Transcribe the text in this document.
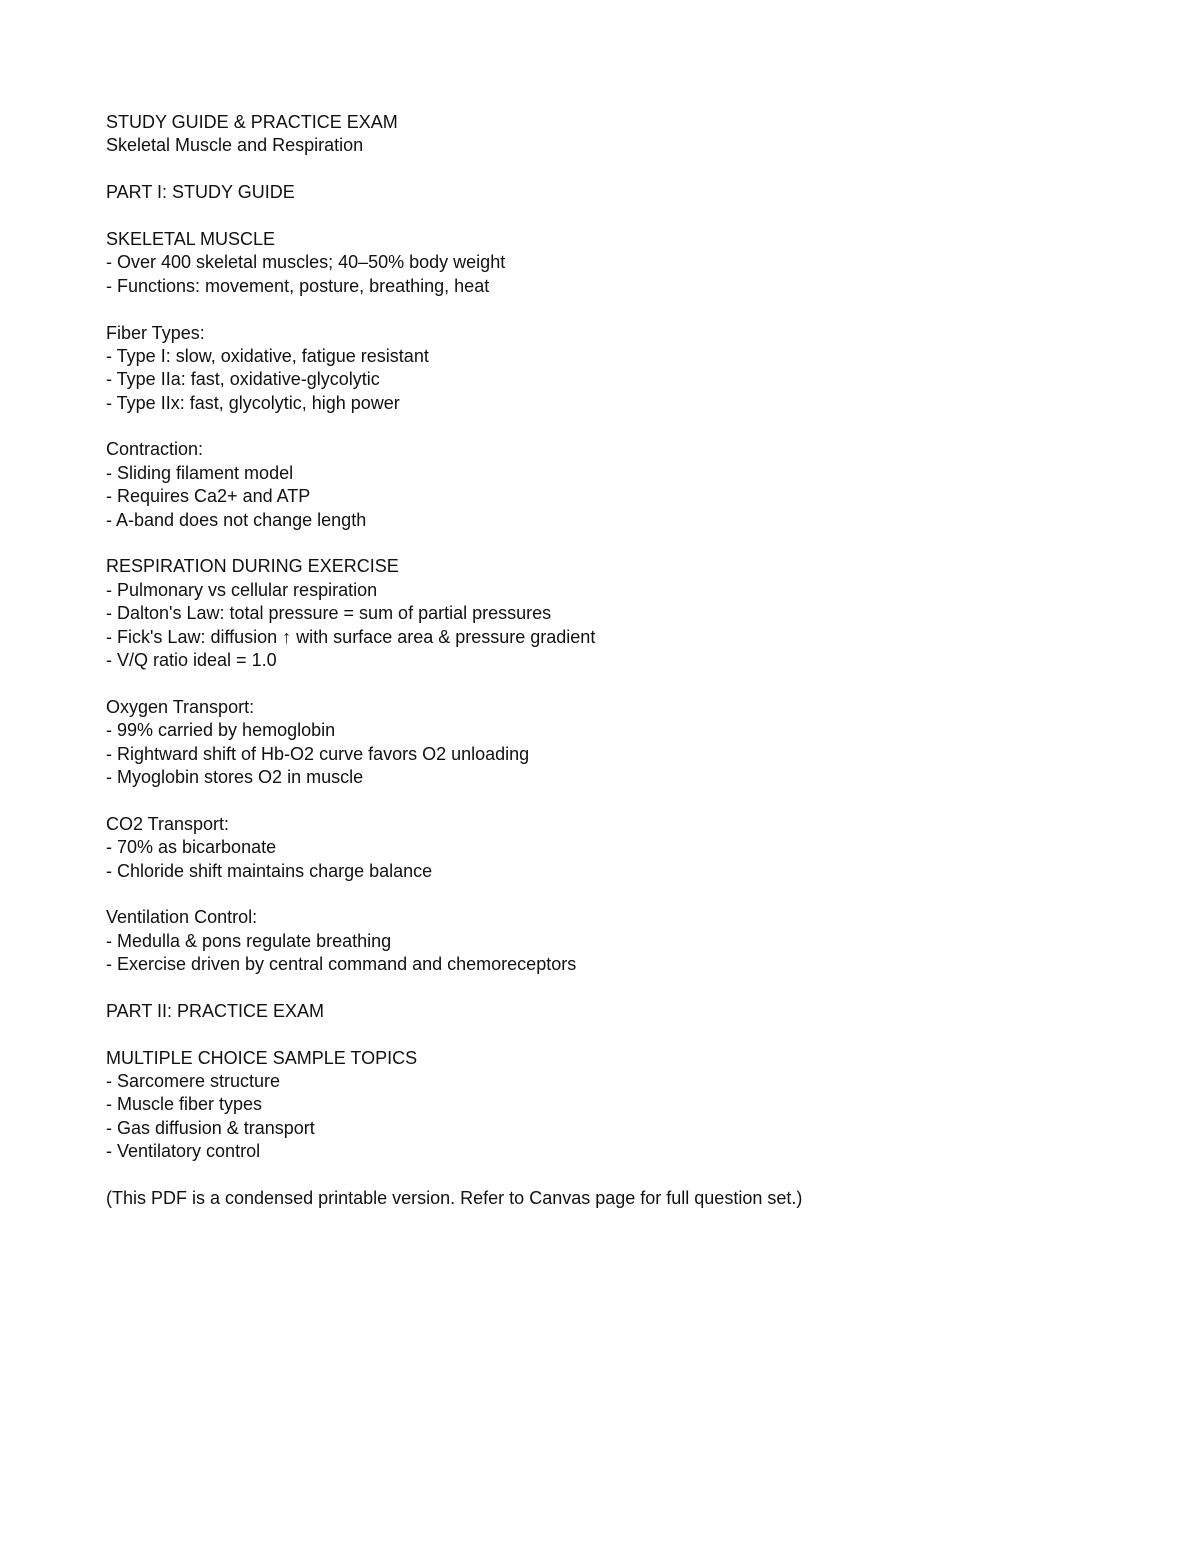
STUDY GUIDE & PRACTICE EXAM
Skeletal Muscle and Respiration
PART I: STUDY GUIDE
SKELETAL MUSCLE
- Over 400 skeletal muscles; 40–50% body weight
- Functions: movement, posture, breathing, heat
Fiber Types:
- Type I: slow, oxidative, fatigue resistant
- Type IIa: fast, oxidative-glycolytic
- Type IIx: fast, glycolytic, high power
Contraction:
- Sliding filament model
- Requires Ca2+ and ATP
- A-band does not change length
RESPIRATION DURING EXERCISE
- Pulmonary vs cellular respiration
- Dalton's Law: total pressure = sum of partial pressures
- Fick's Law: diffusion ↑ with surface area & pressure gradient
- V/Q ratio ideal = 1.0
Oxygen Transport:
- 99% carried by hemoglobin
- Rightward shift of Hb-O2 curve favors O2 unloading
- Myoglobin stores O2 in muscle
CO2 Transport:
- 70% as bicarbonate
- Chloride shift maintains charge balance
Ventilation Control:
- Medulla & pons regulate breathing
- Exercise driven by central command and chemoreceptors
PART II: PRACTICE EXAM
MULTIPLE CHOICE SAMPLE TOPICS
- Sarcomere structure
- Muscle fiber types
- Gas diffusion & transport
- Ventilatory control
(This PDF is a condensed printable version. Refer to Canvas page for full question set.)
